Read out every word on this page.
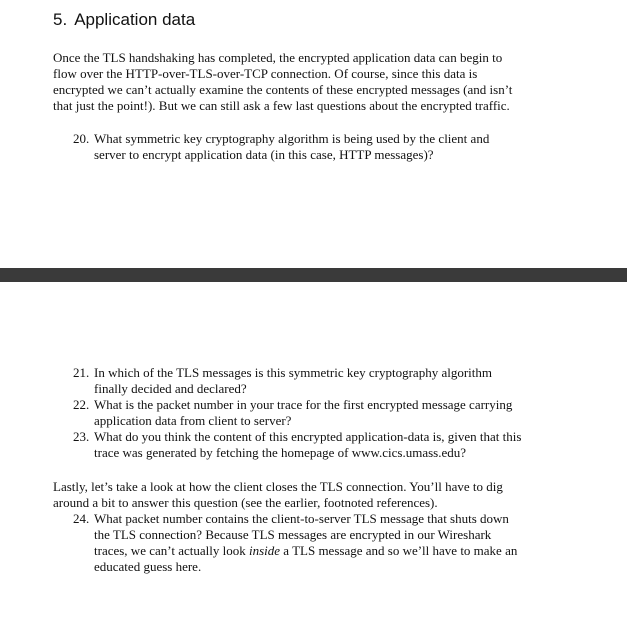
5. Application data

Once the TLS handshaking has completed, the encrypted application data can begin to
flow over the HTTP-over-TLS-over-TCP connection. Of course, since this data is
encrypted we can’t actually examine the contents of these encrypted messages (and isn’t
that just the point!). But we can still ask a few last questions about the encrypted traffic.

20. What symmetric key cryptography algorithm is being used by the client and
server to encrypt application data (in this case, HTTP messages)?
21. In which of the TLS messages is this symmetric key cryptography algorithm
finally decided and declared?
22. What is the packet number in your trace for the first encrypted message carrying
application data from client to server?
23. What do you think the content of this encrypted application-data is, given that this
trace was generated by fetching the homepage of www.cics.umass.edu?

Lastly, let’s take a look at how the client closes the TLS connection. You’ll have to dig
around a bit to answer this question (see the earlier, footnoted references).

24. What packet number contains the client-to-server TLS message that shuts down
the TLS connection? Because TLS messages are encrypted in our Wireshark
traces, we can’t actually look inside a TLS message and so we’ll have to make an
educated guess here.
